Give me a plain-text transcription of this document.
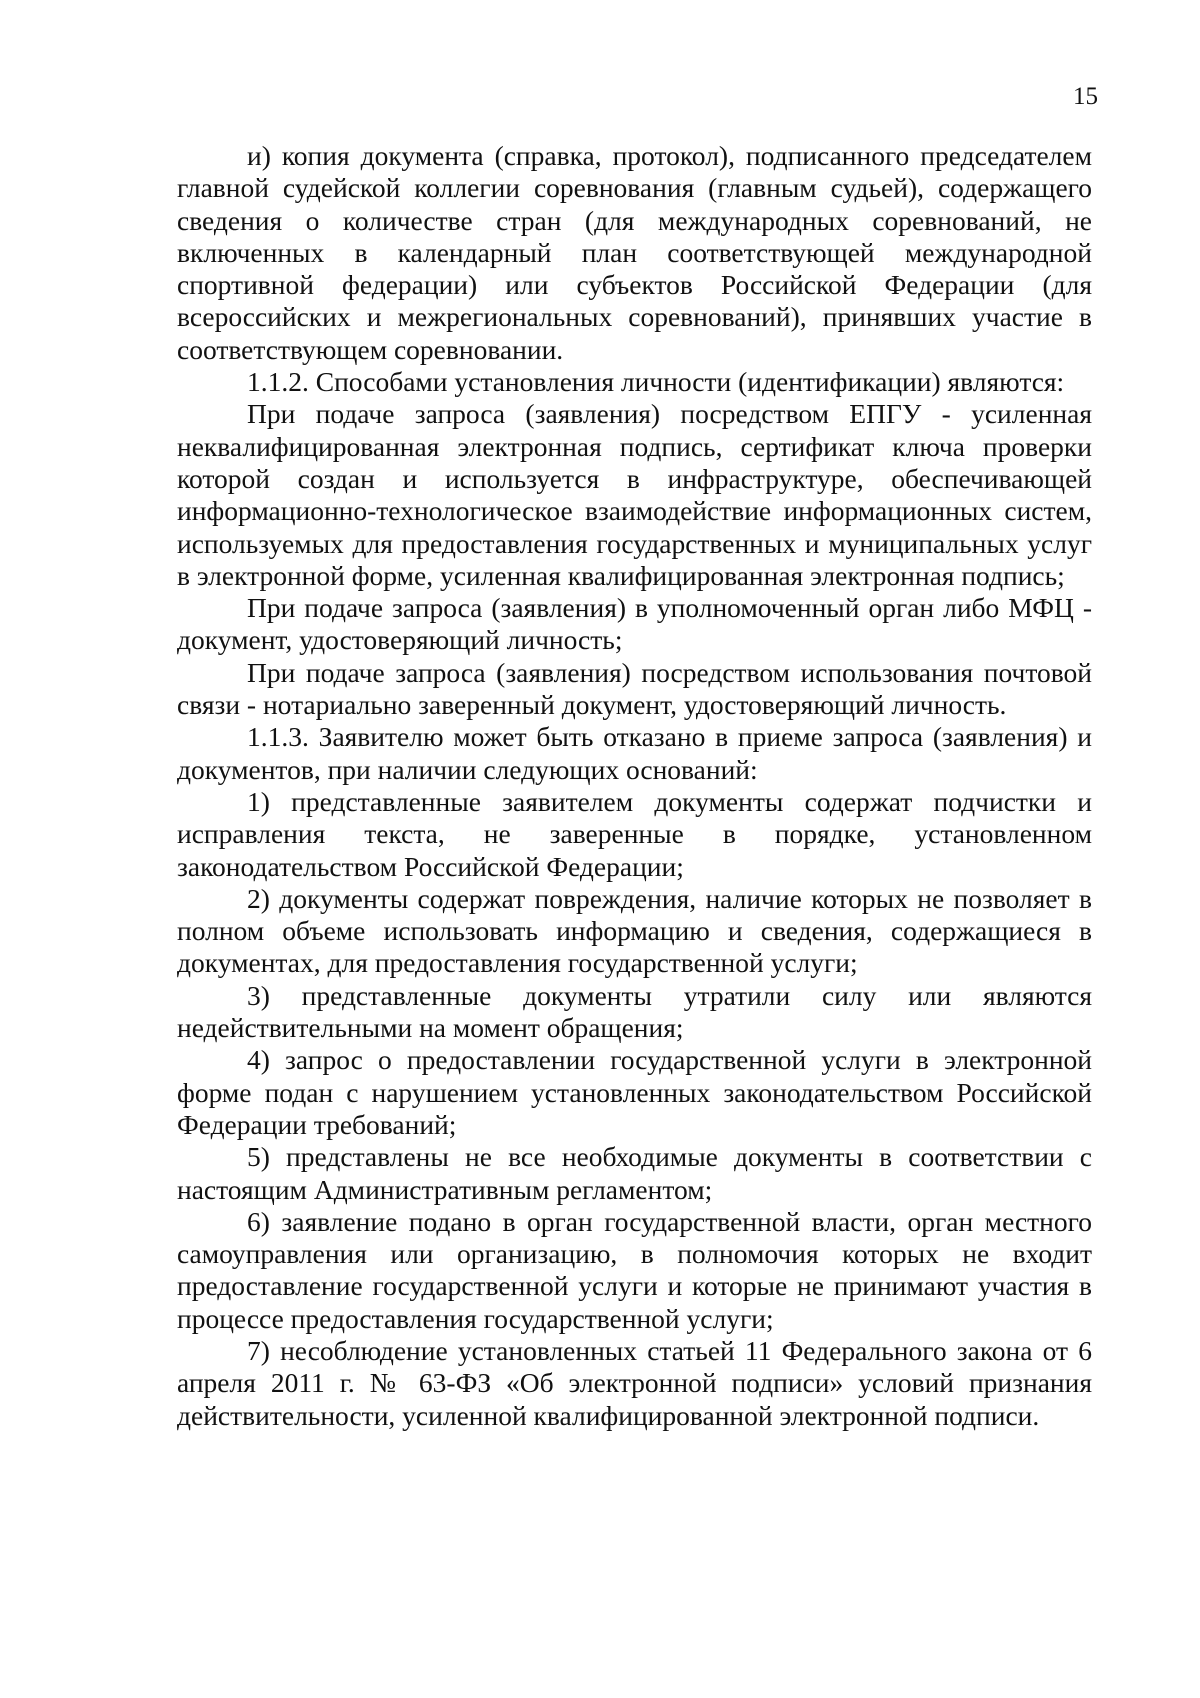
15

и) копия документа (справка, протокол), подписанного председателем главной судейской коллегии соревнования (главным судьей), содержащего сведения о количестве стран (для международных соревнований, не включенных в календарный план соответствующей международной спортивной федерации) или субъектов Российской Федерации (для всероссийских и межрегиональных соревнований), принявших участие в соответствующем соревновании.

1.1.2. Способами установления личности (идентификации) являются:

При подаче запроса (заявления) посредством ЕПГУ - усиленная неквалифицированная электронная подпись, сертификат ключа проверки которой создан и используется в инфраструктуре, обеспечивающей информационно-технологическое взаимодействие информационных систем, используемых для предоставления государственных и муниципальных услуг в электронной форме, усиленная квалифицированная электронная подпись;

При подаче запроса (заявления) в уполномоченный орган либо МФЦ - документ, удостоверяющий личность;

При подаче запроса (заявления) посредством использования почтовой связи - нотариально заверенный документ, удостоверяющий личность.

1.1.3. Заявителю может быть отказано в приеме запроса (заявления) и документов, при наличии следующих оснований:

1) представленные заявителем документы содержат подчистки и исправления текста, не заверенные в порядке, установленном законодательством Российской Федерации;

2) документы содержат повреждения, наличие которых не позволяет в полном объеме использовать информацию и сведения, содержащиеся в документах, для предоставления государственной услуги;

3) представленные документы утратили силу или являются недействительными на момент обращения;

4) запрос о предоставлении государственной услуги в электронной форме подан с нарушением установленных законодательством Российской Федерации требований;

5) представлены не все необходимые документы в соответствии с настоящим Административным регламентом;

6) заявление подано в орган государственной власти, орган местного самоуправления или организацию, в полномочия которых не входит предоставление государственной услуги и которые не принимают участия в процессе предоставления государственной услуги;

7) несоблюдение установленных статьей 11 Федерального закона от 6 апреля 2011 г. № 63-ФЗ «Об электронной подписи» условий признания действительности, усиленной квалифицированной электронной подписи.
